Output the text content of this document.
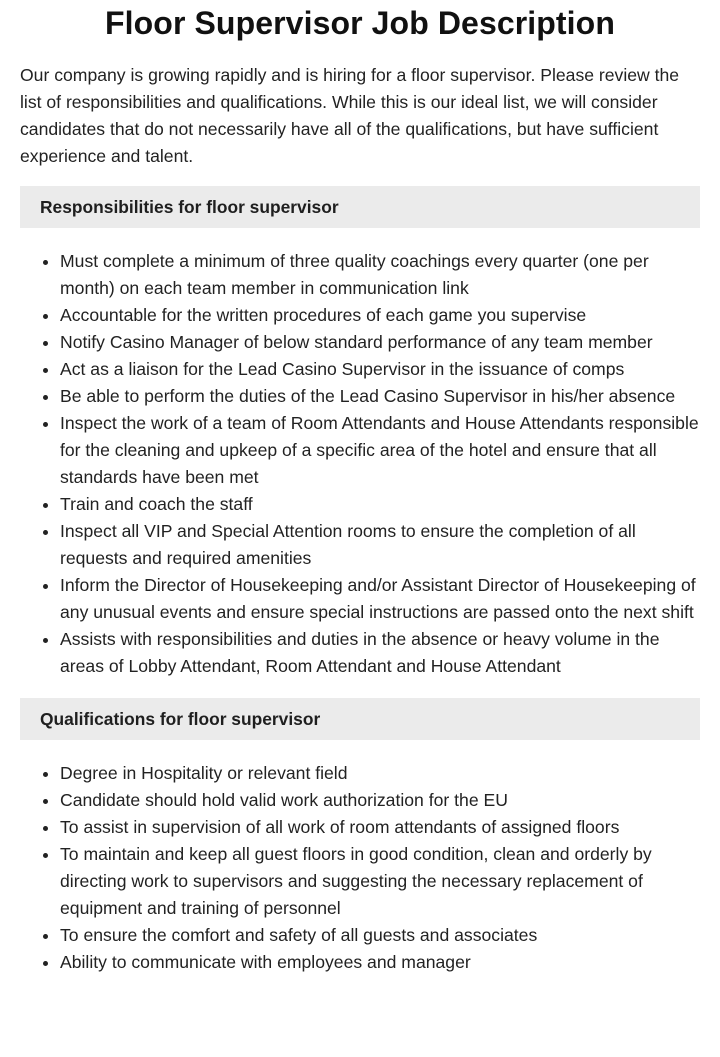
Floor Supervisor Job Description

Our company is growing rapidly and is hiring for a floor supervisor. Please review the list of responsibilities and qualifications. While this is our ideal list, we will consider candidates that do not necessarily have all of the qualifications, but have sufficient experience and talent.

Responsibilities for floor supervisor
• Must complete a minimum of three quality coachings every quarter (one per month) on each team member in communication link
• Accountable for the written procedures of each game you supervise
• Notify Casino Manager of below standard performance of any team member
• Act as a liaison for the Lead Casino Supervisor in the issuance of comps
• Be able to perform the duties of the Lead Casino Supervisor in his/her absence
• Inspect the work of a team of Room Attendants and House Attendants responsible for the cleaning and upkeep of a specific area of the hotel and ensure that all standards have been met
• Train and coach the staff
• Inspect all VIP and Special Attention rooms to ensure the completion of all requests and required amenities
• Inform the Director of Housekeeping and/or Assistant Director of Housekeeping of any unusual events and ensure special instructions are passed onto the next shift
• Assists with responsibilities and duties in the absence or heavy volume in the areas of Lobby Attendant, Room Attendant and House Attendant
Qualifications for floor supervisor
• Degree in Hospitality or relevant field
• Candidate should hold valid work authorization for the EU
• To assist in supervision of all work of room attendants of assigned floors
• To maintain and keep all guest floors in good condition, clean and orderly by directing work to supervisors and suggesting the necessary replacement of equipment and training of personnel
• To ensure the comfort and safety of all guests and associates
• Ability to communicate with employees and manager
